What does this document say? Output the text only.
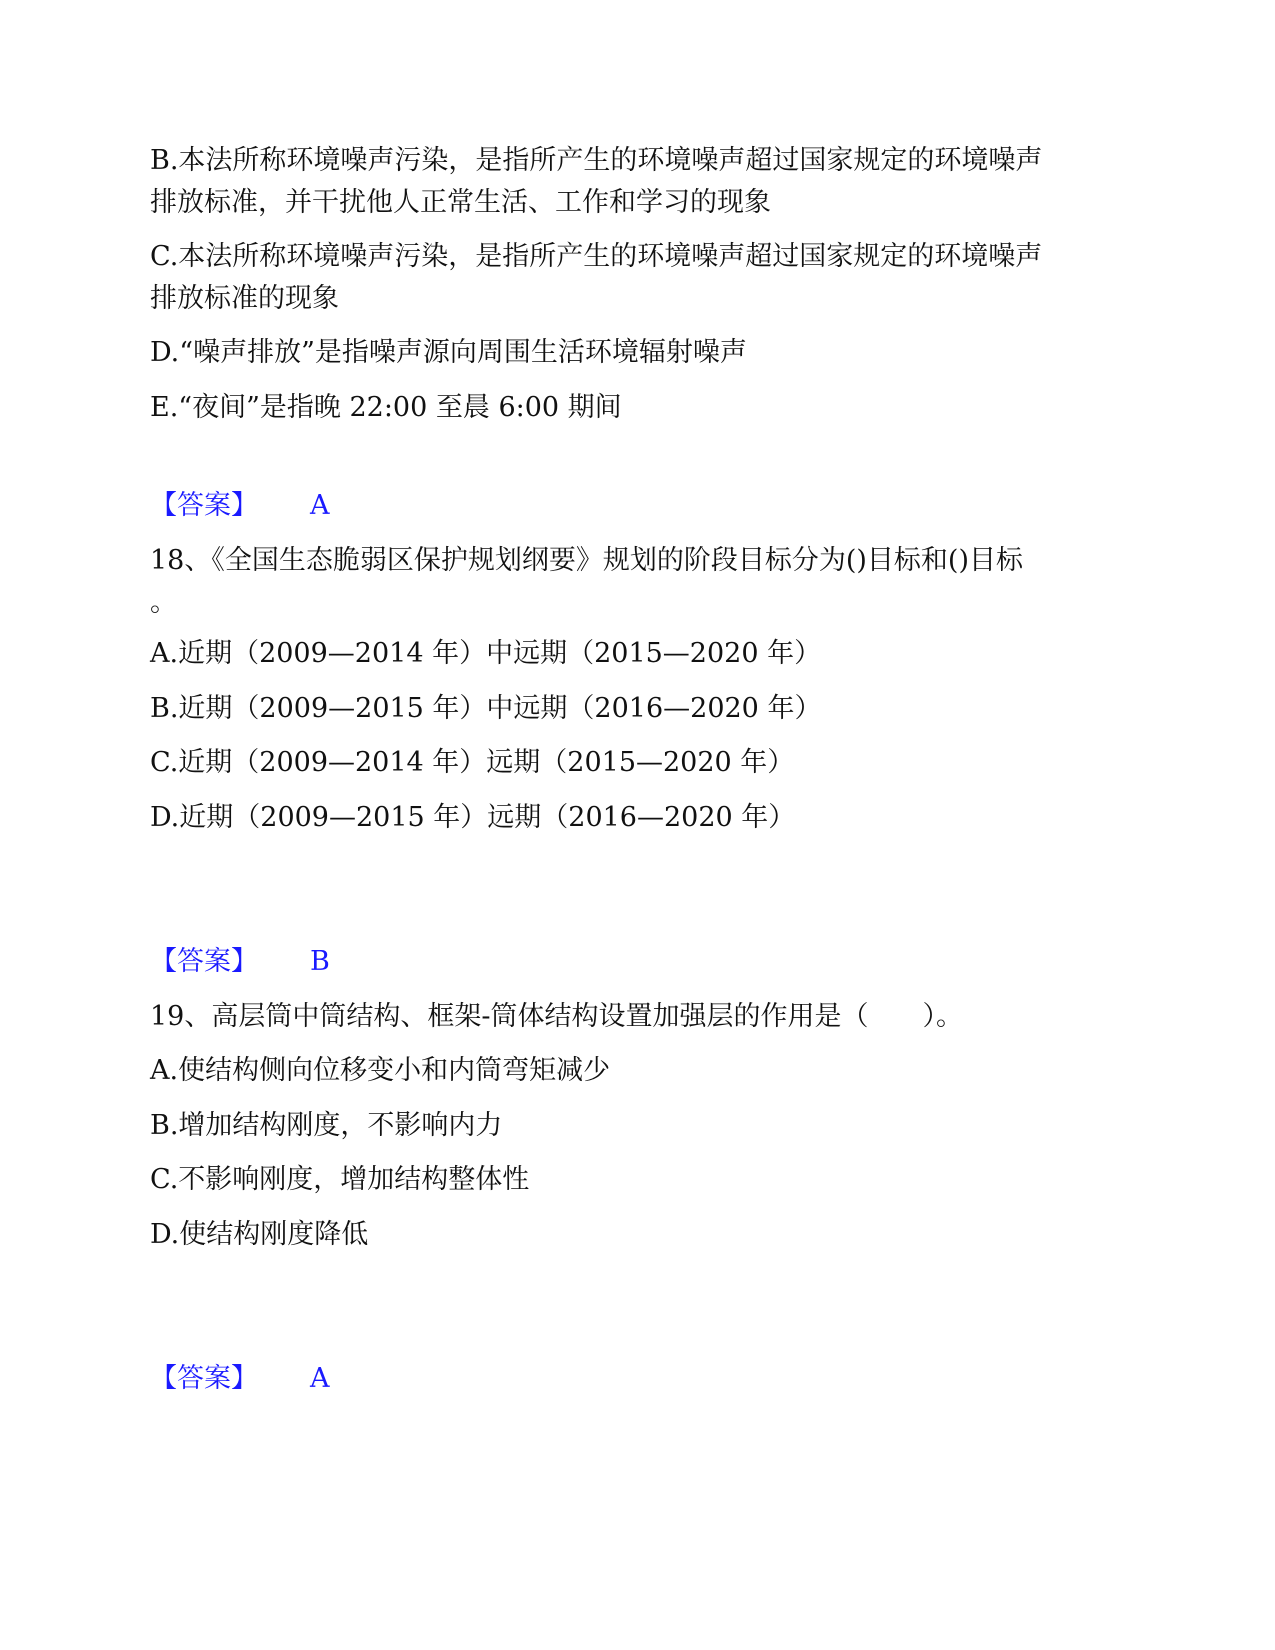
B.本法所称环境噪声污染，是指所产生的环境噪声超过国家规定的环境噪声
排放标准，并干扰他人正常生活、工作和学习的现象
C.本法所称环境噪声污染，是指所产生的环境噪声超过国家规定的环境噪声
排放标准的现象
D.“噪声排放”是指噪声源向周围生活环境辐射噪声
E.“夜间”是指晚 22:00 至晨 6:00 期间
【答案】 A
18、《全国生态脆弱区保护规划纲要》规划的阶段目标分为()目标和()目标
。
A.近期（2009—2014 年）中远期（2015—2020 年）
B.近期（2009—2015 年）中远期（2016—2020 年）
C.近期（2009—2014 年）远期（2015—2020 年）
D.近期（2009—2015 年）远期（2016—2020 年）
【答案】 B
19、高层筒中筒结构、框架-筒体结构设置加强层的作用是（　　）。
A.使结构侧向位移变小和内筒弯矩减少
B.增加结构刚度，不影响内力
C.不影响刚度，增加结构整体性
D.使结构刚度降低
【答案】 A
